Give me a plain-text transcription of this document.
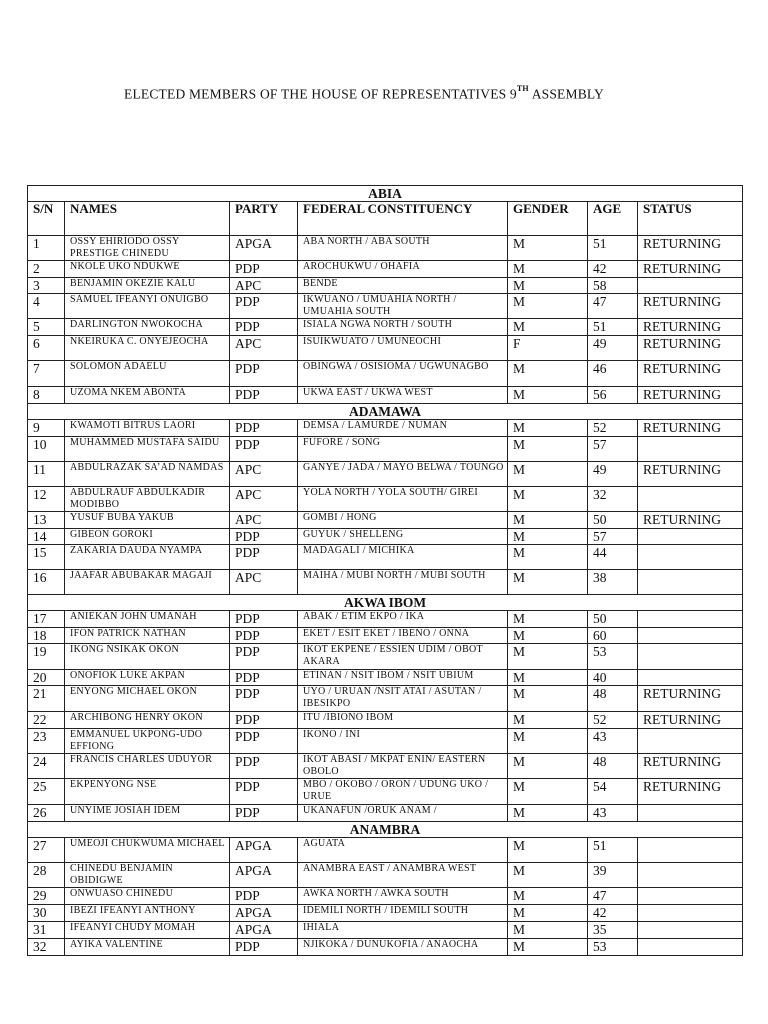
ELECTED MEMBERS OF THE HOUSE OF REPRESENTATIVES 9TH ASSEMBLY
ABIA						
S/N	NAMES	PARTY	FEDERAL CONSTITUENCY	GENDER	AGE	STATUS
1	OSSY EHIRIODO OSSY PRESTIGE CHINEDU	APGA	ABA NORTH / ABA SOUTH	M	51	RETURNING
2	NKOLE UKO NDUKWE	PDP	AROCHUKWU / OHAFIA	M	42	RETURNING
3	BENJAMIN OKEZIE KALU	APC	BENDE	M	58	
4	SAMUEL IFEANYI ONUIGBO	PDP	IKWUANO / UMUAHIA NORTH / UMUAHIA SOUTH	M	47	RETURNING
5	DARLINGTON NWOKOCHA	PDP	ISIALA NGWA NORTH / SOUTH	M	51	RETURNING
6	NKEIRUKA C. ONYEJEOCHA	APC	ISUIKWUATO / UMUNEOCHI	F	49	RETURNING
7	SOLOMON ADAELU	PDP	OBINGWA / OSISIOMA / UGWUNAGBO	M	46	RETURNING
8	UZOMA NKEM ABONTA	PDP	UKWA EAST / UKWA WEST	M	56	RETURNING
ADAMAWA						
9	KWAMOTI BITRUS LAORI	PDP	DEMSA / LAMURDE / NUMAN	M	52	RETURNING
10	MUHAMMED MUSTAFA SAIDU	PDP	FUFORE / SONG	M	57	
11	ABDULRAZAK SA’AD NAMDAS	APC	GANYE / JADA / MAYO BELWA / TOUNGO	M	49	RETURNING
12	ABDULRAUF ABDULKADIR MODIBBO	APC	YOLA NORTH / YOLA SOUTH/ GIREI	M	32	
13	YUSUF BUBA YAKUB	APC	GOMBI / HONG	M	50	RETURNING
14	GIBEON GOROKI	PDP	GUYUK / SHELLENG	M	57	
15	ZAKARIA DAUDA NYAMPA	PDP	MADAGALI / MICHIKA	M	44	
16	JAAFAR ABUBAKAR MAGAJI	APC	MAIHA / MUBI NORTH / MUBI SOUTH	M	38	
AKWA IBOM						
17	ANIEKAN JOHN UMANAH	PDP	ABAK / ETIM EKPO / IKA	M	50	
18	IFON PATRICK NATHAN	PDP	EKET / ESIT EKET / IBENO / ONNA	M	60	
19	IKONG NSIKAK OKON	PDP	IKOT EKPENE / ESSIEN UDIM / OBOT AKARA	M	53	
20	ONOFIOK LUKE AKPAN	PDP	ETINAN / NSIT IBOM / NSIT UBIUM	M	40	
21	ENYONG MICHAEL OKON	PDP	UYO / URUAN /NSIT ATAI / ASUTAN / IBESIKPO	M	48	RETURNING
22	ARCHIBONG HENRY OKON	PDP	ITU /IBIONO IBOM	M	52	RETURNING
23	EMMANUEL UKPONG-UDO EFFIONG	PDP	IKONO / INI	M	43	
24	FRANCIS CHARLES UDUYOR	PDP	IKOT ABASI / MKPAT ENIN/ EASTERN OBOLO	M	48	RETURNING
25	EKPENYONG NSE	PDP	MBO / OKOBO / ORON / UDUNG UKO / URUE	M	54	RETURNING
26	UNYIME JOSIAH IDEM	PDP	UKANAFUN /ORUK ANAM /	M	43	
ANAMBRA						
27	UMEOJI CHUKWUMA MICHAEL	APGA	AGUATA	M	51	
28	CHINEDU BENJAMIN OBIDIGWE	APGA	ANAMBRA EAST / ANAMBRA WEST	M	39	
29	ONWUASO CHINEDU	PDP	AWKA NORTH / AWKA SOUTH	M	47	
30	IBEZI IFEANYI ANTHONY	APGA	IDEMILI NORTH / IDEMILI SOUTH	M	42	
31	IFEANYI CHUDY MOMAH	APGA	IHIALA	M	35	
32	AYIKA VALENTINE	PDP	NJIKOKA / DUNUKOFIA / ANAOCHA	M	53	
